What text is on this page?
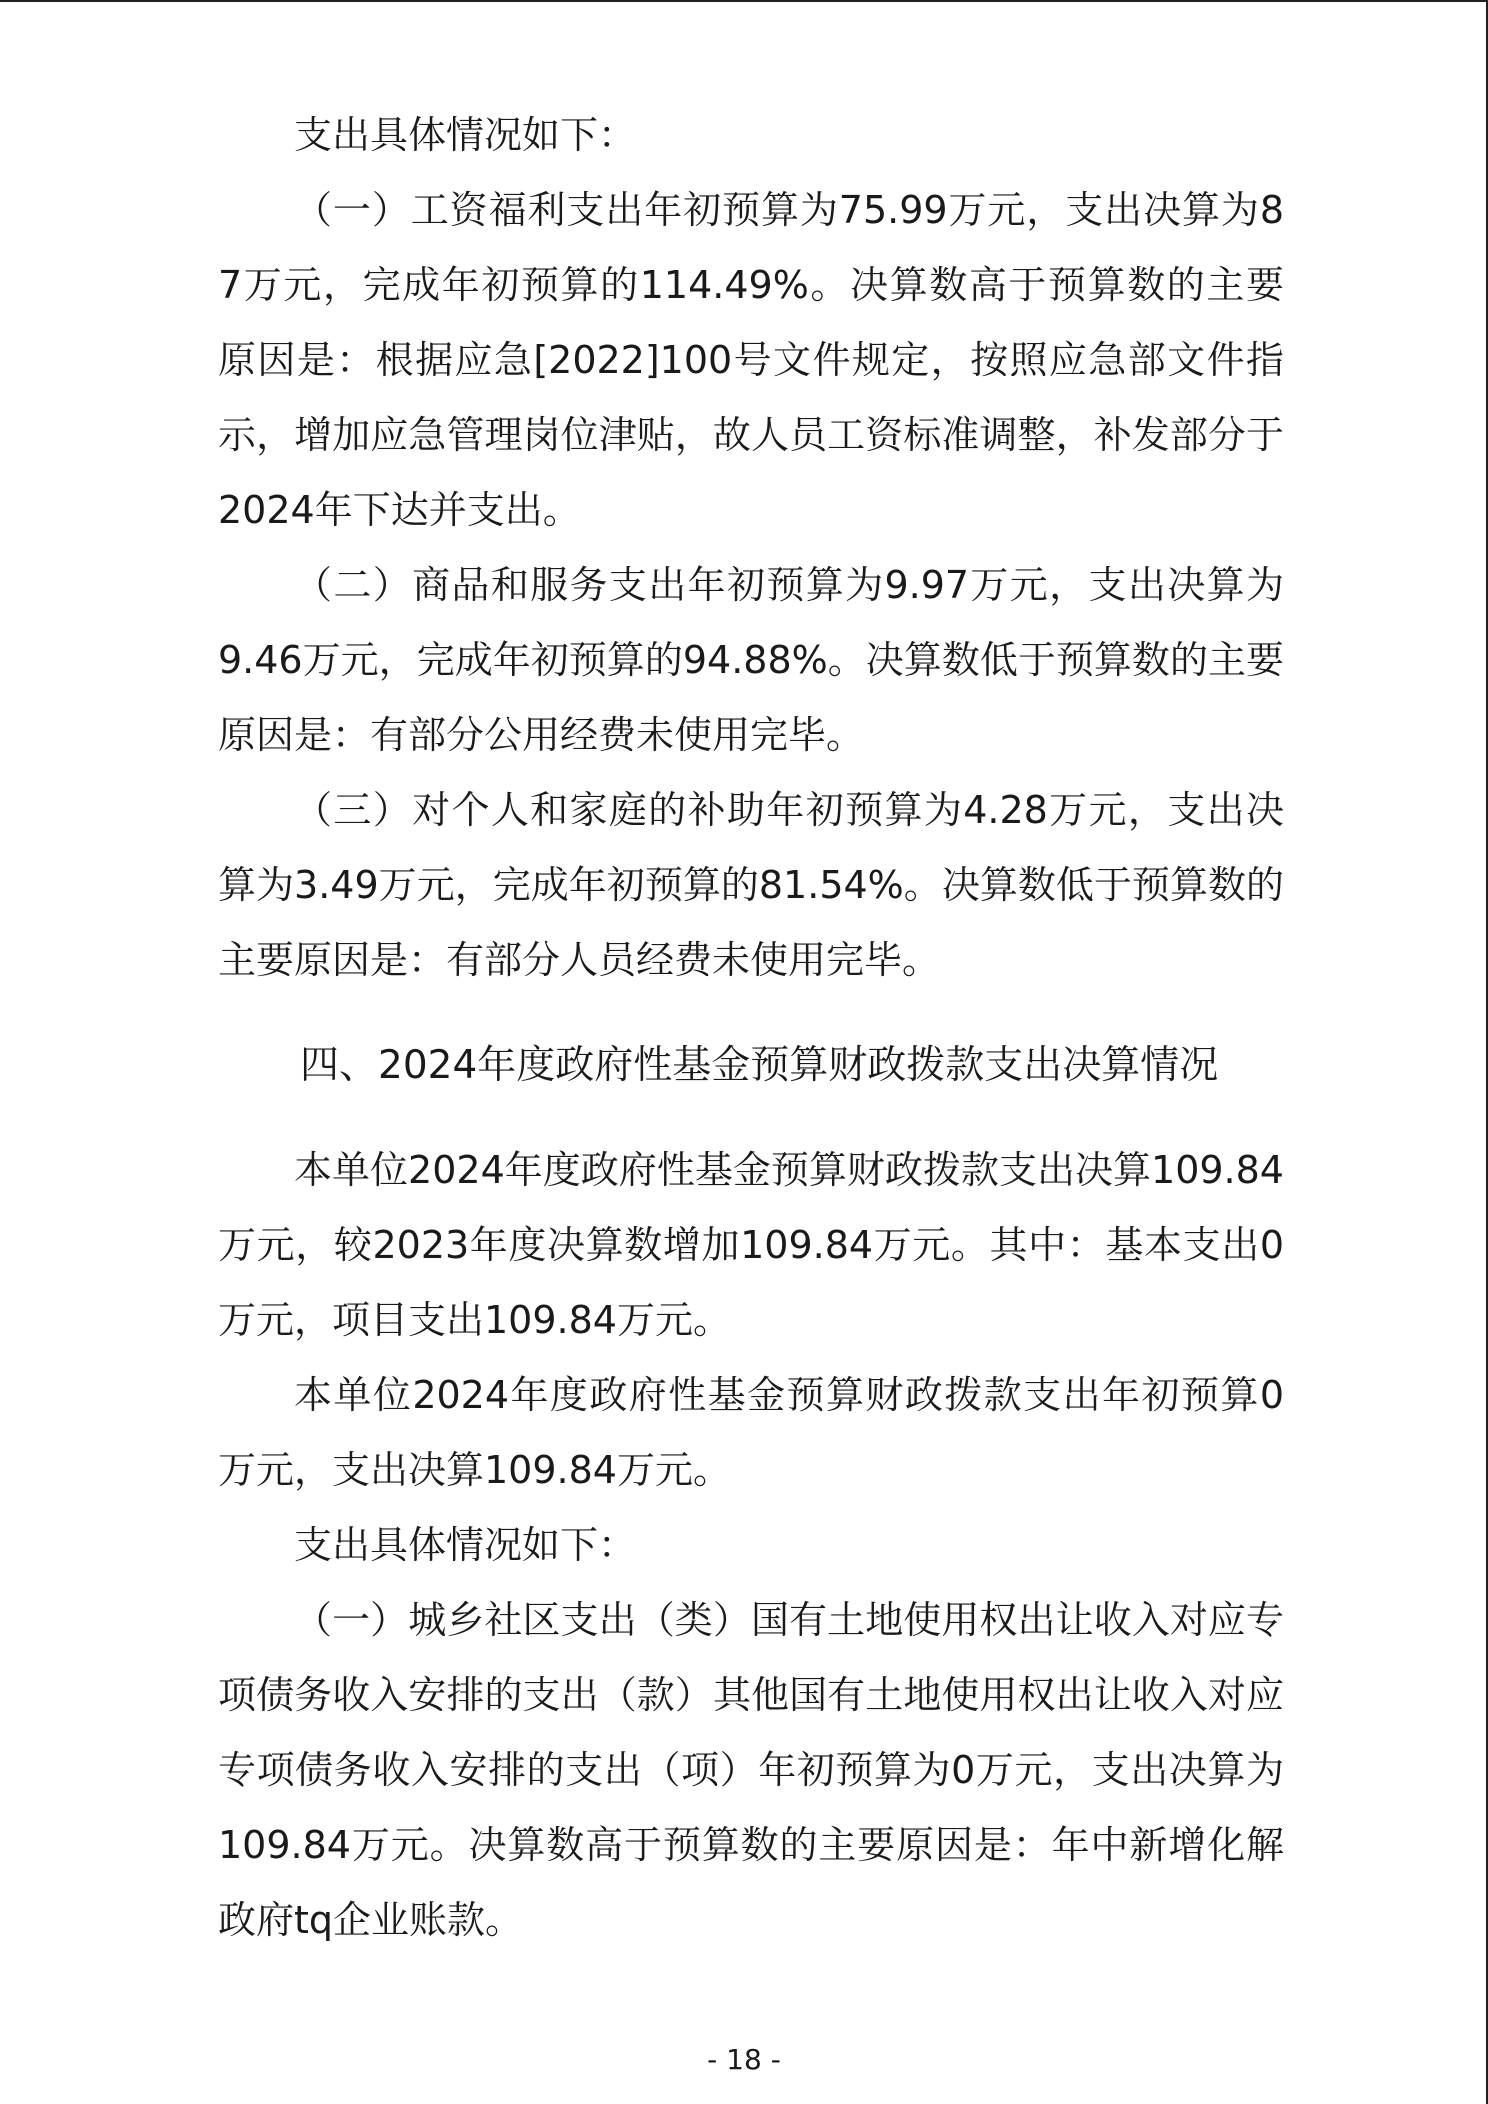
支出具体情况如下：

（一）工资福利支出年初预算为75.99万元，支出决算为87万元，完成年初预算的114.49%。决算数高于预算数的主要原因是：根据应急[2022]100号文件规定，按照应急部文件指示，增加应急管理岗位津贴，故人员工资标准调整，补发部分于2024年下达并支出。

（二）商品和服务支出年初预算为9.97万元，支出决算为9.46万元，完成年初预算的94.88%。决算数低于预算数的主要原因是：有部分公用经费未使用完毕。

（三）对个人和家庭的补助年初预算为4.28万元，支出决算为3.49万元，完成年初预算的81.54%。决算数低于预算数的主要原因是：有部分人员经费未使用完毕。

四、2024年度政府性基金预算财政拨款支出决算情况

本单位2024年度政府性基金预算财政拨款支出决算109.84万元，较2023年度决算数增加109.84万元。其中：基本支出0万元，项目支出109.84万元。

本单位2024年度政府性基金预算财政拨款支出年初预算0万元，支出决算109.84万元。

支出具体情况如下：

（一）城乡社区支出（类）国有土地使用权出让收入对应专项债务收入安排的支出（款）其他国有土地使用权出让收入对应专项债务收入安排的支出（项）年初预算为0万元，支出决算为109.84万元。决算数高于预算数的主要原因是：年中新增化解政府tq企业账款。

- 18 -
